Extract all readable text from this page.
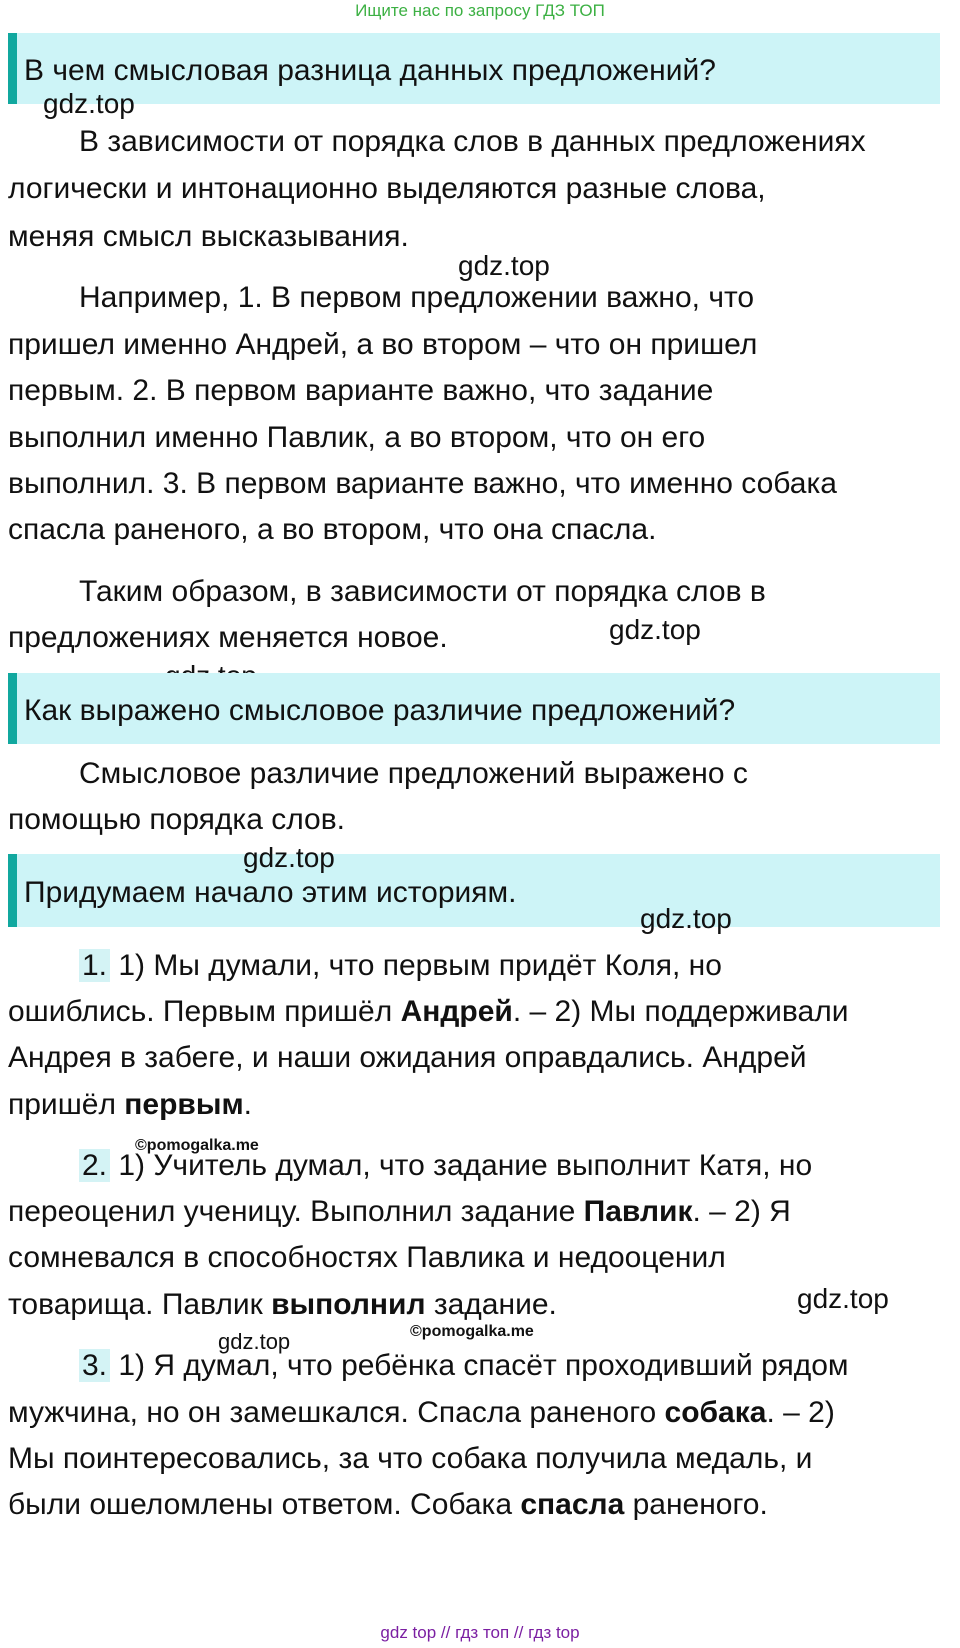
Ищите нас по запросу ГДЗ ТОП
В чем смысловая разница данных предложений?
gdz.top
В зависимости от порядка слов в данных предложениях
логически и интонационно выделяются разные слова,
меняя смысл высказывания.
gdz.top
Например, 1. В первом предложении важно, что
пришел именно Андрей, а во втором – что он пришел
первым. 2. В первом варианте важно, что задание
выполнил именно Павлик, а во втором, что он его
выполнил. 3. В первом варианте важно, что именно собака
спасла раненого, а во втором, что она спасла.
Таким образом, в зависимости от порядка слов в
предложениях меняется новое.	gdz.top
Как выражено смысловое различие предложений?
Смысловое различие предложений выражено с
помощью порядка слов.
gdz.top
Придумаем начало этим историям.
gdz.top
1. 1) Мы думали, что первым придёт Коля, но
ошиблись. Первым пришёл Андрей. – 2) Мы поддерживали
Андрея в забеге, и наши ожидания оправдались. Андрей
пришёл первым.
©pomogalka.me
2. 1) Учитель думал, что задание выполнит Катя, но
переоценил ученицу. Выполнил задание Павлик. – 2) Я
сомневался в способностях Павлика и недооценил
товарища. Павлик выполнил задание.	gdz.top
©pomogalka.me
gdz.top
3. 1) Я думал, что ребёнка спасёт проходивший рядом
мужчина, но он замешкался. Спасла раненого собака. – 2)
Мы поинтересовались, за что собака получила медаль, и
были ошеломлены ответом. Собака спасла раненого.
gdz top // гдз топ // гдз top
